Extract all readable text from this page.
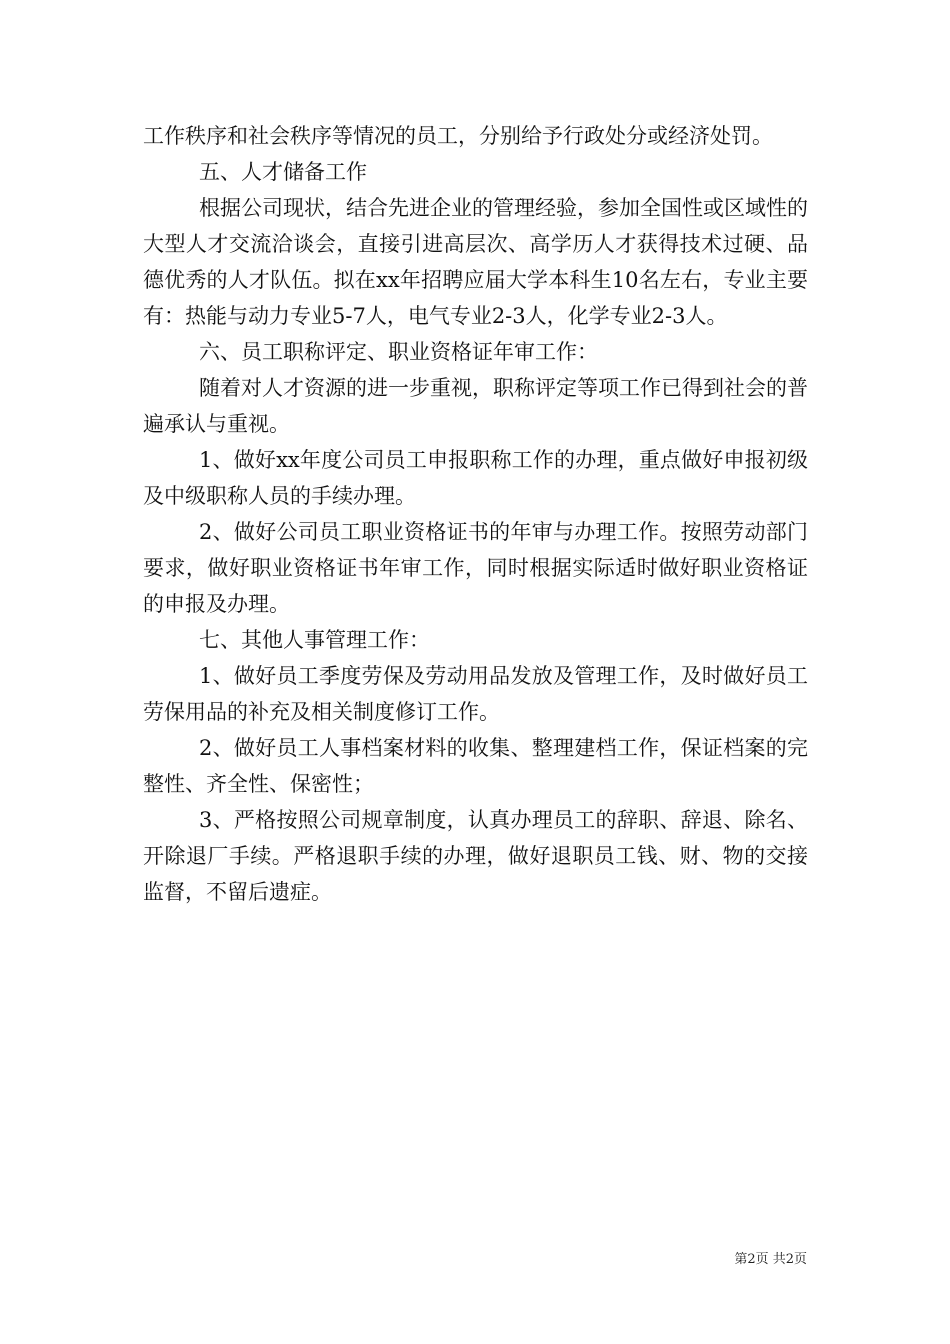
工作秩序和社会秩序等情况的员工，分别给予行政处分或经济处罚。

五、人才储备工作

根据公司现状，结合先进企业的管理经验，参加全国性或区域性的大型人才交流洽谈会，直接引进高层次、高学历人才获得技术过硬、品德优秀的人才队伍。拟在xx年招聘应届大学本科生10名左右，专业主要有：热能与动力专业5-7人，电气专业2-3人，化学专业2-3人。

六、员工职称评定、职业资格证年审工作：

随着对人才资源的进一步重视，职称评定等项工作已得到社会的普遍承认与重视。

1、做好xx年度公司员工申报职称工作的办理，重点做好申报初级及中级职称人员的手续办理。

2、做好公司员工职业资格证书的年审与办理工作。按照劳动部门要求，做好职业资格证书年审工作，同时根据实际适时做好职业资格证的申报及办理。

七、其他人事管理工作：

1、做好员工季度劳保及劳动用品发放及管理工作，及时做好员工劳保用品的补充及相关制度修订工作。

2、做好员工人事档案材料的收集、整理建档工作，保证档案的完整性、齐全性、保密性；

3、严格按照公司规章制度，认真办理员工的辞职、辞退、除名、开除退厂手续。严格退职手续的办理，做好退职员工钱、财、物的交接监督，不留后遗症。

第2页 共2页
